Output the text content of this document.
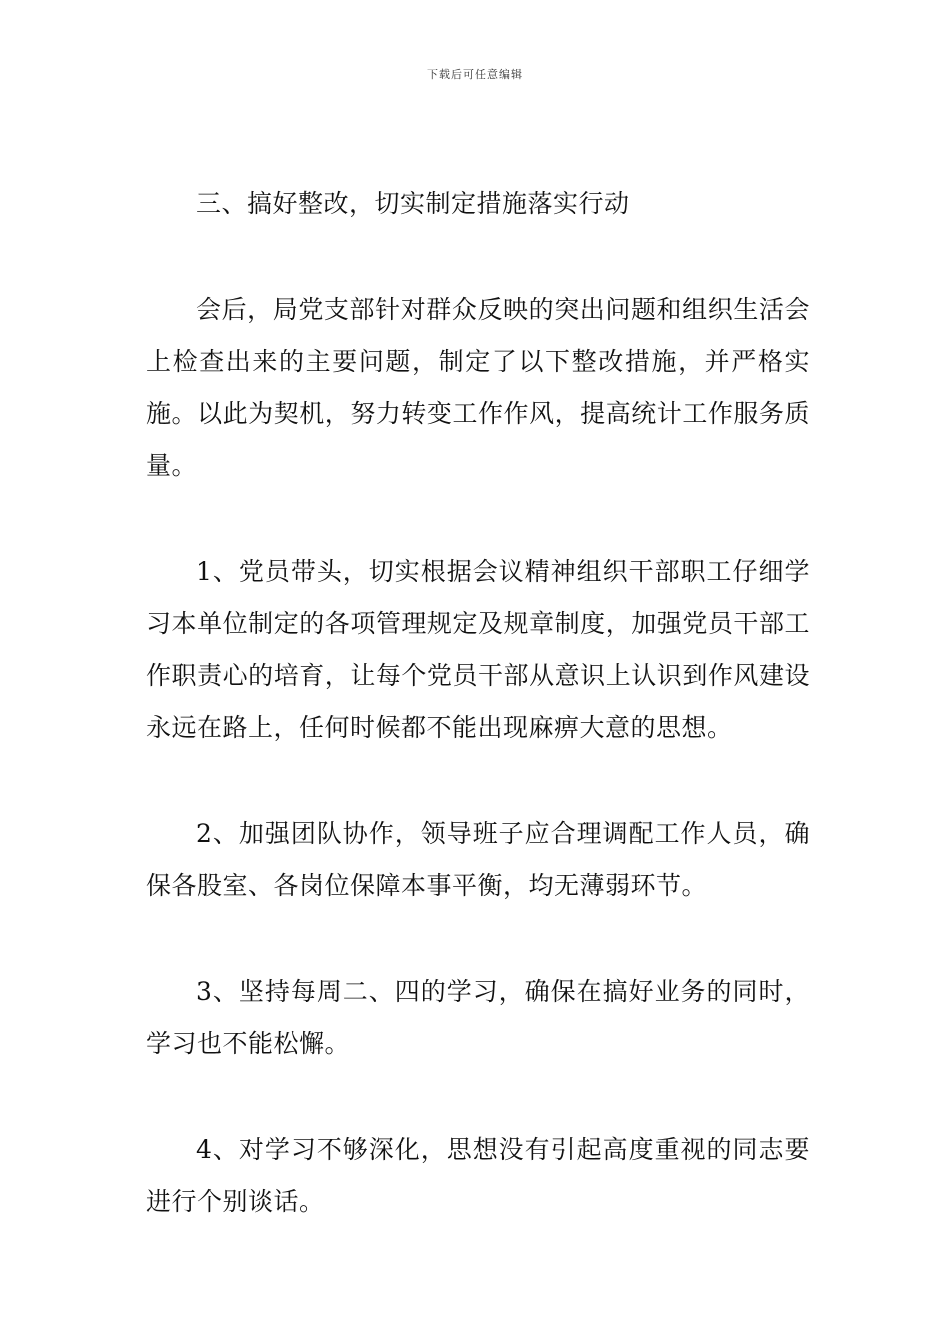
下载后可任意编辑

三、搞好整改，切实制定措施落实行动

会后，局党支部针对群众反映的突出问题和组织生活会上检查出来的主要问题，制定了以下整改措施，并严格实施。以此为契机，努力转变工作作风，提高统计工作服务质量。

1、党员带头，切实根据会议精神组织干部职工仔细学习本单位制定的各项管理规定及规章制度，加强党员干部工作职责心的培育，让每个党员干部从意识上认识到作风建设永远在路上，任何时候都不能出现麻痹大意的思想。

2、加强团队协作，领导班子应合理调配工作人员，确保各股室、各岗位保障本事平衡，均无薄弱环节。

3、坚持每周二、四的学习，确保在搞好业务的同时，学习也不能松懈。

4、对学习不够深化，思想没有引起高度重视的同志要进行个别谈话。
